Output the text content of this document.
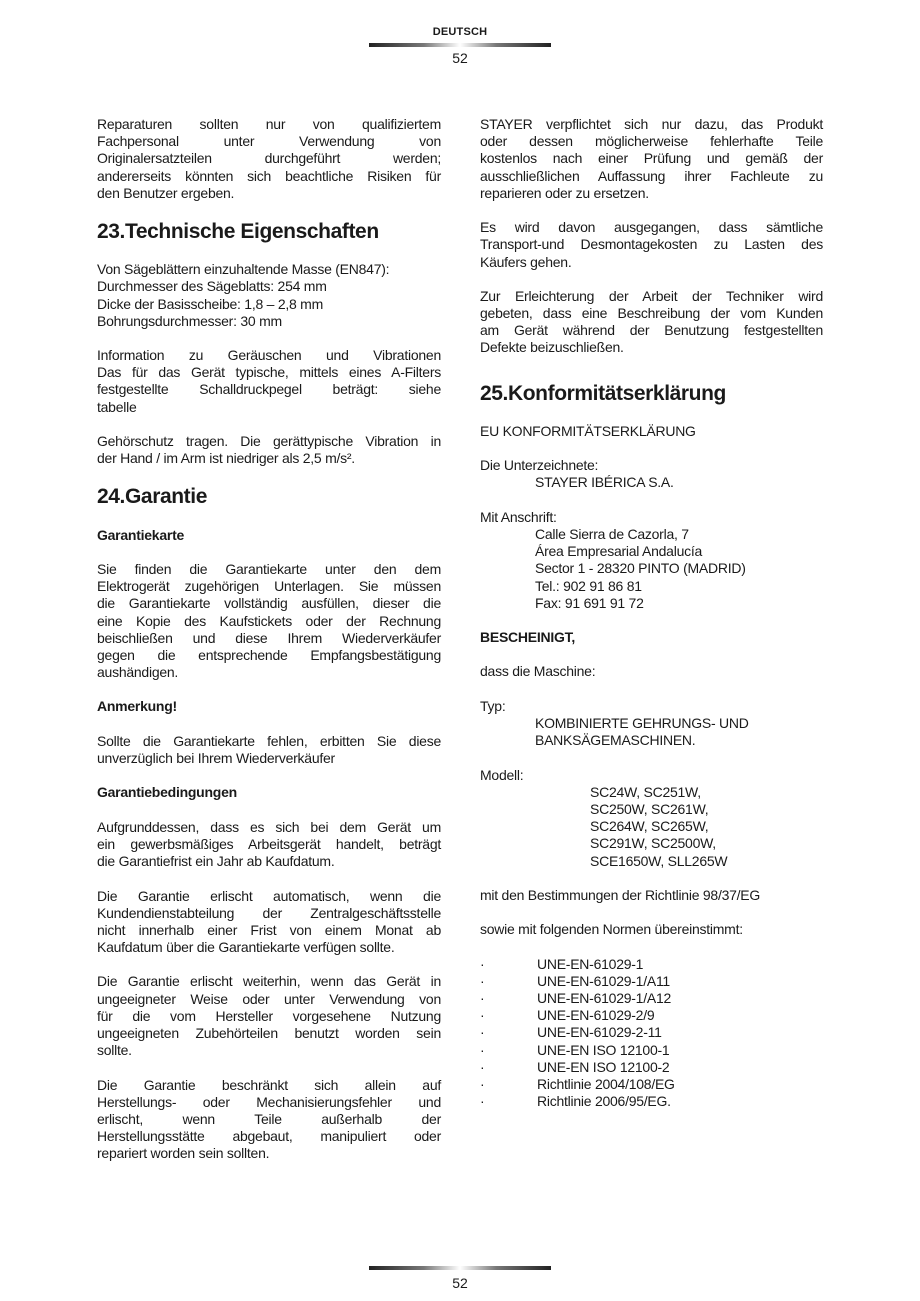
DEUTSCH
52
Reparaturen sollten nur von qualifiziertem
Fachpersonal unter Verwendung von
Originalersatzteilen durchgeführt werden;
andererseits könnten sich beachtliche Risiken für
den Benutzer ergeben.
23.Technische Eigenschaften
Von Sägeblättern einzuhaltende Masse (EN847):
Durchmesser des Sägeblatts: 254 mm
Dicke der Basisscheibe: 1,8 – 2,8 mm
Bohrungsdurchmesser: 30 mm
Information zu Geräuschen und Vibrationen
Das für das Gerät typische, mittels eines A-Filters
festgestellte Schalldruckpegel beträgt: siehe
tabelle
Gehörschutz tragen. Die gerättypische Vibration in
der Hand / im Arm ist niedriger als 2,5 m/s².
24.Garantie
Garantiekarte
Sie finden die Garantiekarte unter den dem
Elektrogerät zugehörigen Unterlagen. Sie müssen
die Garantiekarte vollständig ausfüllen, dieser die
eine Kopie des Kaufstickets oder der Rechnung
beischließen und diese Ihrem Wiederverkäufer
gegen die entsprechende Empfangsbestätigung
aushändigen.
Anmerkung!
Sollte die Garantiekarte fehlen, erbitten Sie diese
unverzüglich bei Ihrem Wiederverkäufer
Garantiebedingungen
Aufgrunddessen, dass es sich bei dem Gerät um
ein gewerbsmäßiges Arbeitsgerät handelt, beträgt
die Garantiefrist ein Jahr ab Kaufdatum.
Die Garantie erlischt automatisch, wenn die
Kundendienstabteilung der Zentralgeschäftsstelle
nicht innerhalb einer Frist von einem Monat ab
Kaufdatum über die Garantiekarte verfügen sollte.
Die Garantie erlischt weiterhin, wenn das Gerät in
ungeeigneter Weise oder unter Verwendung von
für die vom Hersteller vorgesehene Nutzung
ungeeigneten Zubehörteilen benutzt worden sein
sollte.
Die Garantie beschränkt sich allein auf
Herstellungs- oder Mechanisierungsfehler und
erlischt, wenn Teile außerhalb der
Herstellungsstätte abgebaut, manipuliert oder
repariert worden sein sollten.
STAYER verpflichtet sich nur dazu, das Produkt
oder dessen möglicherweise fehlerhafte Teile
kostenlos nach einer Prüfung und gemäß der
ausschließlichen Auffassung ihrer Fachleute zu
reparieren oder zu ersetzen.
Es wird davon ausgegangen, dass sämtliche
Transport-und Desmontagekosten zu Lasten des
Käufers gehen.
Zur Erleichterung der Arbeit der Techniker wird
gebeten, dass eine Beschreibung der vom Kunden
am Gerät während der Benutzung festgestellten
Defekte beizuschließen.
25.Konformitätserklärung
EU KONFORMITÄTSERKLÄRUNG
Die Unterzeichnete:
STAYER IBÉRICA S.A.
Mit Anschrift:
Calle Sierra de Cazorla, 7
Área Empresarial Andalucía
Sector 1 - 28320 PINTO (MADRID)
Tel.: 902 91 86 81
Fax: 91 691 91 72
BESCHEINIGT,
dass die Maschine:
Typ:
KOMBINIERTE GEHRUNGS- UND
BANKSÄGEMASCHINEN.
Modell:
SC24W, SC251W,
SC250W, SC261W,
SC264W, SC265W,
SC291W, SC2500W,
SCE1650W, SLL265W
mit den Bestimmungen der Richtlinie 98/37/EG
sowie mit folgenden Normen übereinstimmt:
·	UNE-EN-61029-1
·	UNE-EN-61029-1/A11
·	UNE-EN-61029-1/A12
·	UNE-EN-61029-2/9
·	UNE-EN-61029-2-11
·	UNE-EN ISO 12100-1
·	UNE-EN ISO 12100-2
·	Richtlinie 2004/108/EG
·	Richtlinie 2006/95/EG.
52
